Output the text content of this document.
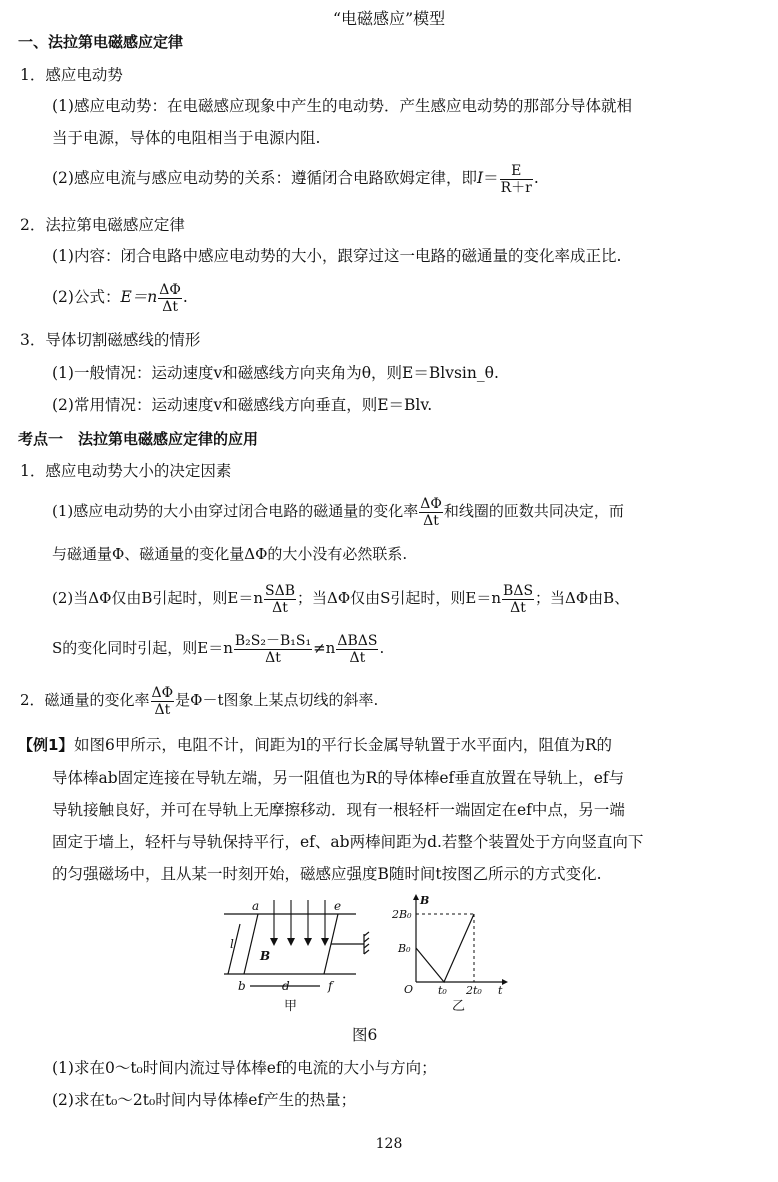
“电磁感应”模型
一、法拉第电磁感应定律
1．感应电动势
(1)感应电动势：在电磁感应现象中产生的电动势．产生感应电动势的那部分导体就相
当于电源，导体的电阻相当于电源内阻.
(2)感应电流与感应电动势的关系：遵循闭合电路欧姆定律，即$I= \frac{E}{R+r}$ .
2．法拉第电磁感应定律
(1)内容：闭合电路中感应电动势的大小，跟穿过这一电路的磁通量的变化率成正比.
(2)公式：$E=n \frac{\Delta\Phi}{\Delta t}$ .
3．导体切割磁感线的情形
(1)一般情况：运动速度v和磁感线方向夹角为θ，则E＝Blvsin_θ.
(2)常用情况：运动速度v和磁感线方向垂直，则E＝Blv.
考点一　法拉第电磁感应定律的应用
1．感应电动势大小的决定因素
(1)感应电动势的大小由穿过闭合电路的磁通量的变化率 $\frac{\Delta\Phi}{\Delta t}$ 和线圈的匝数共同决定，而
与磁通量Φ、磁通量的变化量ΔΦ的大小没有必然联系.
(2)当ΔΦ仅由B引起时，则$E=n \frac{\text{SΔB}}{\Delta t}$ ；当ΔΦ仅由S引起时，则$E=n \frac{\text{BΔS}}{\Delta t}$ ；当ΔΦ由B、
S的变化同时引起，则$E=n \frac{\text{B₂S₂－B₁S₁}}{\Delta t} \ne n \frac{\text{ΔBΔS}}{\Delta t}$ .
2．磁通量的变化率 $\frac{\Delta\Phi}{\Delta t}$ 是Φ－t图象上某点切线的斜率.
【例1】 如图6甲所示，电阻不计，间距为l的平行长金属导轨置于水平面内，阻值为R的
导体棒ab固定连接在导轨左端，另一阻值也为R的导体棒ef垂直放置在导轨上，ef与
导轨接触良好，并可在导轨上无摩擦移动．现有一根轻杆一端固定在ef中点，另一端
固定于墙上，轻杆与导轨保持平行，ef、ab两棒间距为d.若整个装置处于方向竖直向下
的匀强磁场中，且从某一时刻开始，磁感应强度B随时间t按图乙所示的方式变化.
a	e
l
B
b	d	f
甲
B
2B₀
B₀
O t₀ 2t₀ t
乙
图6
(1)求在0～t₀时间内流过导体棒ef的电流的大小与方向；
(2)求在t₀～2t₀时间内导体棒ef产生的热量；
128
